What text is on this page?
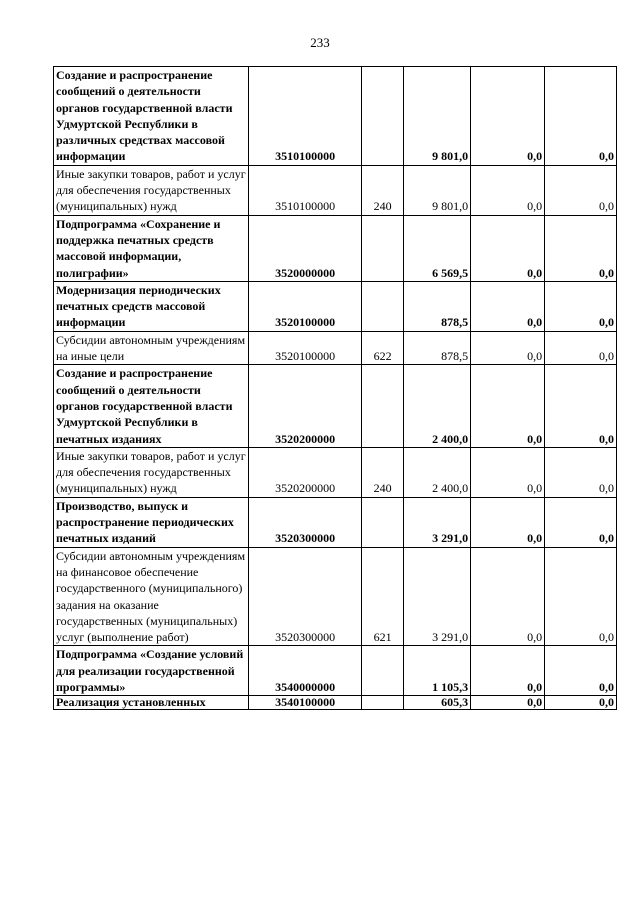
233
Создание и распространение сообщений о деятельности органов государственной власти Удмуртской Республики в различных средствах массовой информации	3510100000		9 801,0	0,0	0,0
Иные закупки товаров, работ и услуг для обеспечения государственных (муниципальных) нужд	3510100000	240	9 801,0	0,0	0,0
Подпрограмма «Сохранение и поддержка печатных средств массовой информации, полиграфии»	3520000000		6 569,5	0,0	0,0
Модернизация периодических печатных средств массовой информации	3520100000		878,5	0,0	0,0
Субсидии автономным учреждениям на иные цели	3520100000	622	878,5	0,0	0,0
Создание и распространение сообщений о деятельности органов государственной власти Удмуртской Республики в печатных изданиях	3520200000		2 400,0	0,0	0,0
Иные закупки товаров, работ и услуг для обеспечения государственных (муниципальных) нужд	3520200000	240	2 400,0	0,0	0,0
Производство, выпуск и распространение периодических печатных изданий	3520300000		3 291,0	0,0	0,0
Субсидии автономным учреждениям на финансовое обеспечение государственного (муниципального) задания на оказание государственных (муниципальных) услуг (выполнение работ)	3520300000	621	3 291,0	0,0	0,0
Подпрограмма «Создание условий для реализации государственной программы»	3540000000		1 105,3	0,0	0,0
Реализация установленных	3540100000		605,3	0,0	0,0
